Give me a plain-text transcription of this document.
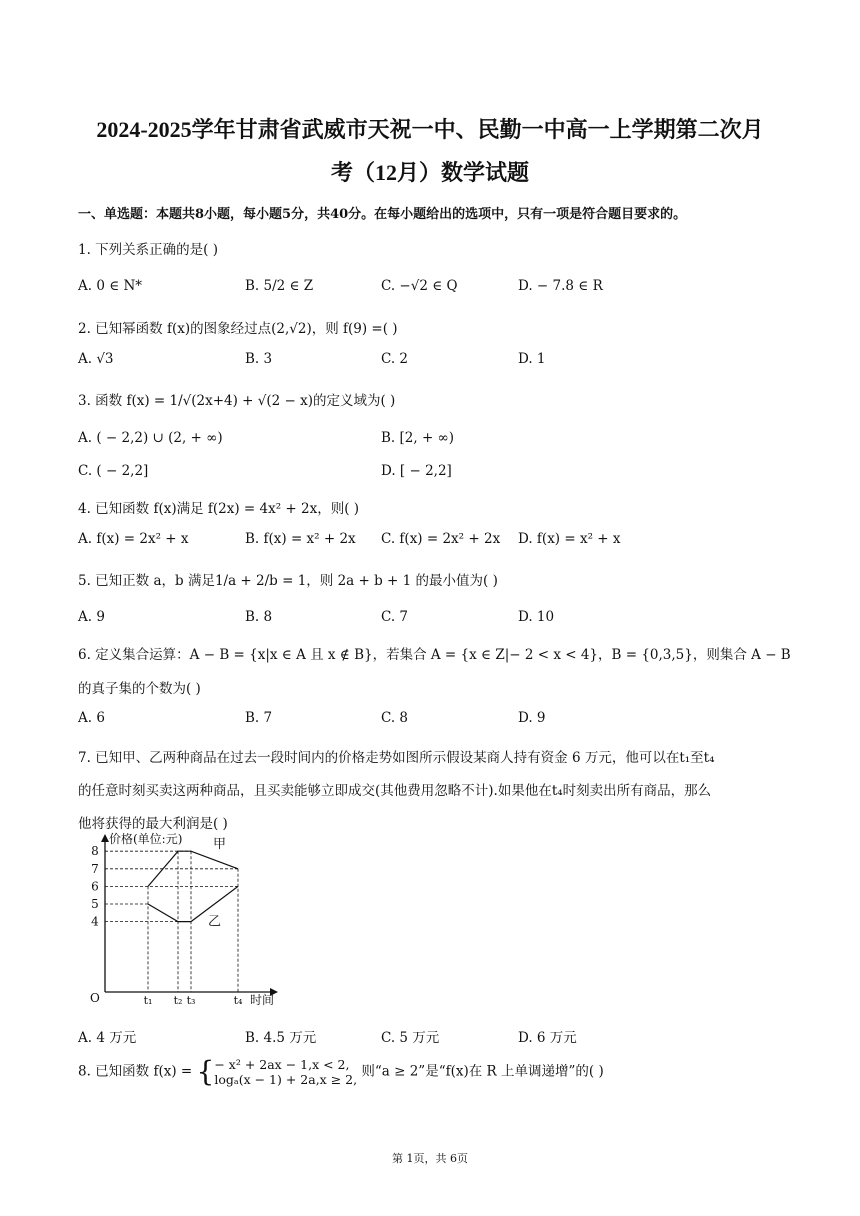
2024-2025学年甘肃省武威市天祝一中、民勤一中高一上学期第二次月
考（12月）数学试题
一、单选题：本题共8小题，每小题5分，共40分。在每小题给出的选项中，只有一项是符合题目要求的。
1. 下列关系正确的是( )
A. 0 ∈ N*	B. 5/2 ∈ Z	C. −√2 ∈ Q	D. − 7.8 ∈ R
2. 已知幂函数 f(x)的图象经过点(2,√2)，则 f(9) =( )
A. √3	B. 3	C. 2	D. 1
3. 函数 f(x) = 1/√(2x+4) + √(2 − x)的定义域为( )
A. ( − 2,2) ∪ (2, + ∞)	B. [2, + ∞)
C. ( − 2,2]	D. [ − 2,2]
4. 已知函数 f(x)满足 f(2x) = 4x² + 2x，则( )
A. f(x) = 2x² + x	B. f(x) = x² + 2x C. f(x) = 2x² + 2x D. f(x) = x² + x
5. 已知正数 a，b 满足1/a + 2/b = 1，则 2a + b + 1 的最小值为( )
A. 9	B. 8	C. 7	D. 10
6. 定义集合运算：A − B = {x|x ∈ A 且 x ∉ B}，若集合 A = {x ∈ Z|− 2 < x < 4}，B = {0,3,5}，则集合 A − B
的真子集的个数为( )
A. 6	B. 7	C. 8	D. 9
7. 已知甲、乙两种商品在过去一段时间内的价格走势如图所示假设某商人持有资金 6 万元，他可以在t₁至t₄
的任意时刻买卖这两种商品，且买卖能够立即成交(其他费用忽略不计).如果他在t₄时刻卖出所有商品，那么
他将获得的最大利润是( )
价格(单位:元)
时间
O
4
5
6
7
8
t₁ t₂ t₃	t₄
甲
乙
A. 4 万元	B. 4.5 万元	C. 5 万元	D. 6 万元
8. 已知函数 f(x) = { − x² + 2ax − 1,x < 2,
logₐ(x − 1) + 2a,x ≥ 2, 则“a ≥ 2”是“f(x)在 R 上单调递增”的( )
第 1页，共 6页
